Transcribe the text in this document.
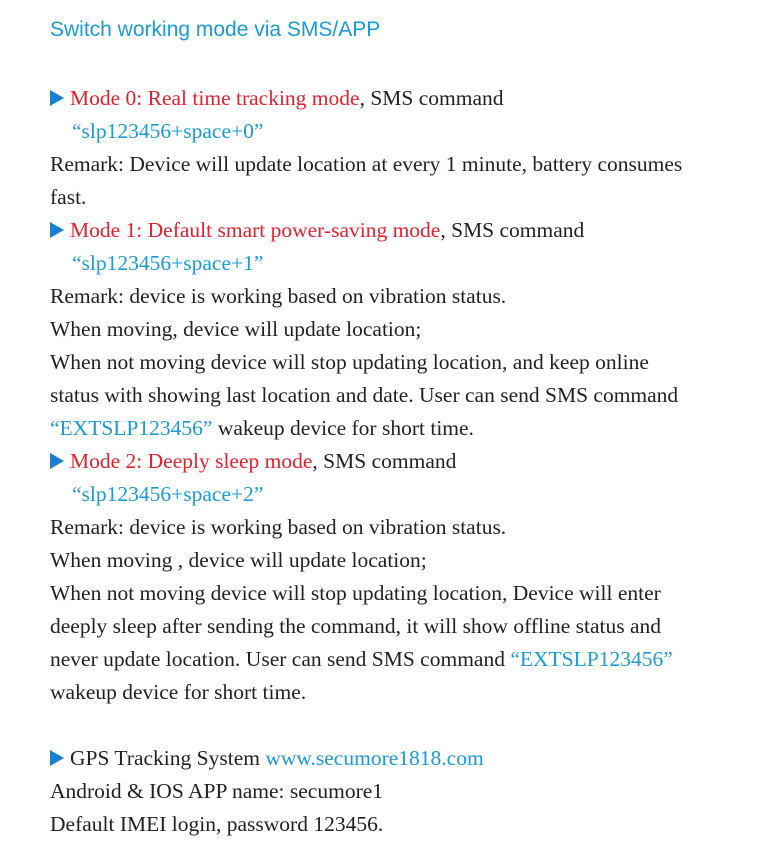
Switch working mode via SMS/APP
Mode 0: Real time tracking mode, SMS command
“slp123456+space+0”
Remark: Device will update location at every 1 minute, battery consumes
fast.
Mode 1: Default smart power-saving mode, SMS command
“slp123456+space+1”
Remark: device is working based on vibration status.
When moving, device will update location;
When not moving device will stop updating location, and keep online
status with showing last location and date. User can send SMS command
“EXTSLP123456” wakeup device for short time.
Mode 2: Deeply sleep mode, SMS command
“slp123456+space+2”
Remark: device is working based on vibration status.
When moving , device will update location;
When not moving device will stop updating location, Device will enter
deeply sleep after sending the command, it will show offline status and
never update location. User can send SMS command “EXTSLP123456”
wakeup device for short time.
GPS Tracking System www.secumore1818.com
Android & IOS APP name: secumore1
Default IMEI login, password 123456.
